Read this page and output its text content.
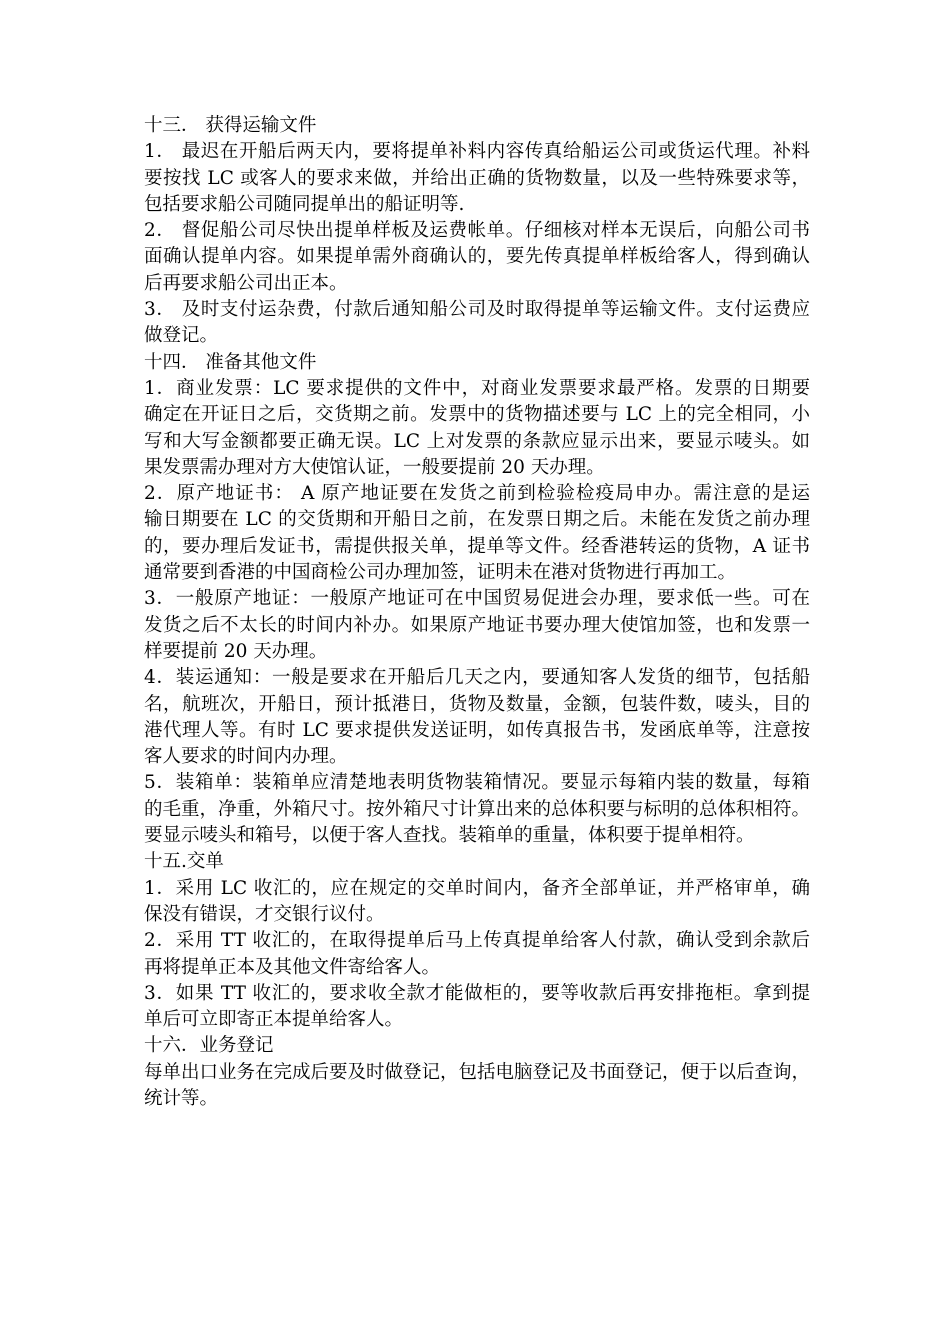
十三． 获得运输文件
1． 最迟在开船后两天内，要将提单补料内容传真给船运公司或货运代理。补料
要按找 LC 或客人的要求来做，并给出正确的货物数量，以及一些特殊要求等，
包括要求船公司随同提单出的船证明等.
2． 督促船公司尽快出提单样板及运费帐单。仔细核对样本无误后，向船公司书
面确认提单内容。如果提单需外商确认的，要先传真提单样板给客人，得到确认
后再要求船公司出正本。
3． 及时支付运杂费，付款后通知船公司及时取得提单等运输文件。支付运费应
做登记。
十四． 准备其他文件
1．商业发票：LC 要求提供的文件中，对商业发票要求最严格。发票的日期要
确定在开证日之后，交货期之前。发票中的货物描述要与 LC 上的完全相同，小
写和大写金额都要正确无误。LC 上对发票的条款应显示出来，要显示唛头。如
果发票需办理对方大使馆认证，一般要提前 20 天办理。
2．原产地证书： A 原产地证要在发货之前到检验检疫局申办。需注意的是运
输日期要在 LC 的交货期和开船日之前，在发票日期之后。未能在发货之前办理
的，要办理后发证书，需提供报关单，提单等文件。经香港转运的货物，A 证书
通常要到香港的中国商检公司办理加签，证明未在港对货物进行再加工。
3．一般原产地证：一般原产地证可在中国贸易促进会办理，要求低一些。可在
发货之后不太长的时间内补办。如果原产地证书要办理大使馆加签，也和发票一
样要提前 20 天办理。
4．装运通知：一般是要求在开船后几天之内，要通知客人发货的细节，包括船
名，航班次，开船日，预计抵港日，货物及数量，金额，包装件数，唛头，目的
港代理人等。有时 LC 要求提供发送证明，如传真报告书，发函底单等，注意按
客人要求的时间内办理。
5．装箱单：装箱单应清楚地表明货物装箱情况。要显示每箱内装的数量，每箱
的毛重，净重，外箱尺寸。按外箱尺寸计算出来的总体积要与标明的总体积相符。
要显示唛头和箱号，以便于客人查找。装箱单的重量，体积要于提单相符。
十五.交单
1．采用 LC 收汇的，应在规定的交单时间内，备齐全部单证，并严格审单，确
保没有错误，才交银行议付。
2．采用 TT 收汇的，在取得提单后马上传真提单给客人付款，确认受到余款后
再将提单正本及其他文件寄给客人。
3．如果 TT 收汇的，要求收全款才能做柜的，要等收款后再安排拖柜。拿到提
单后可立即寄正本提单给客人。
十六．业务登记
每单出口业务在完成后要及时做登记，包括电脑登记及书面登记，便于以后查询，
统计等。
